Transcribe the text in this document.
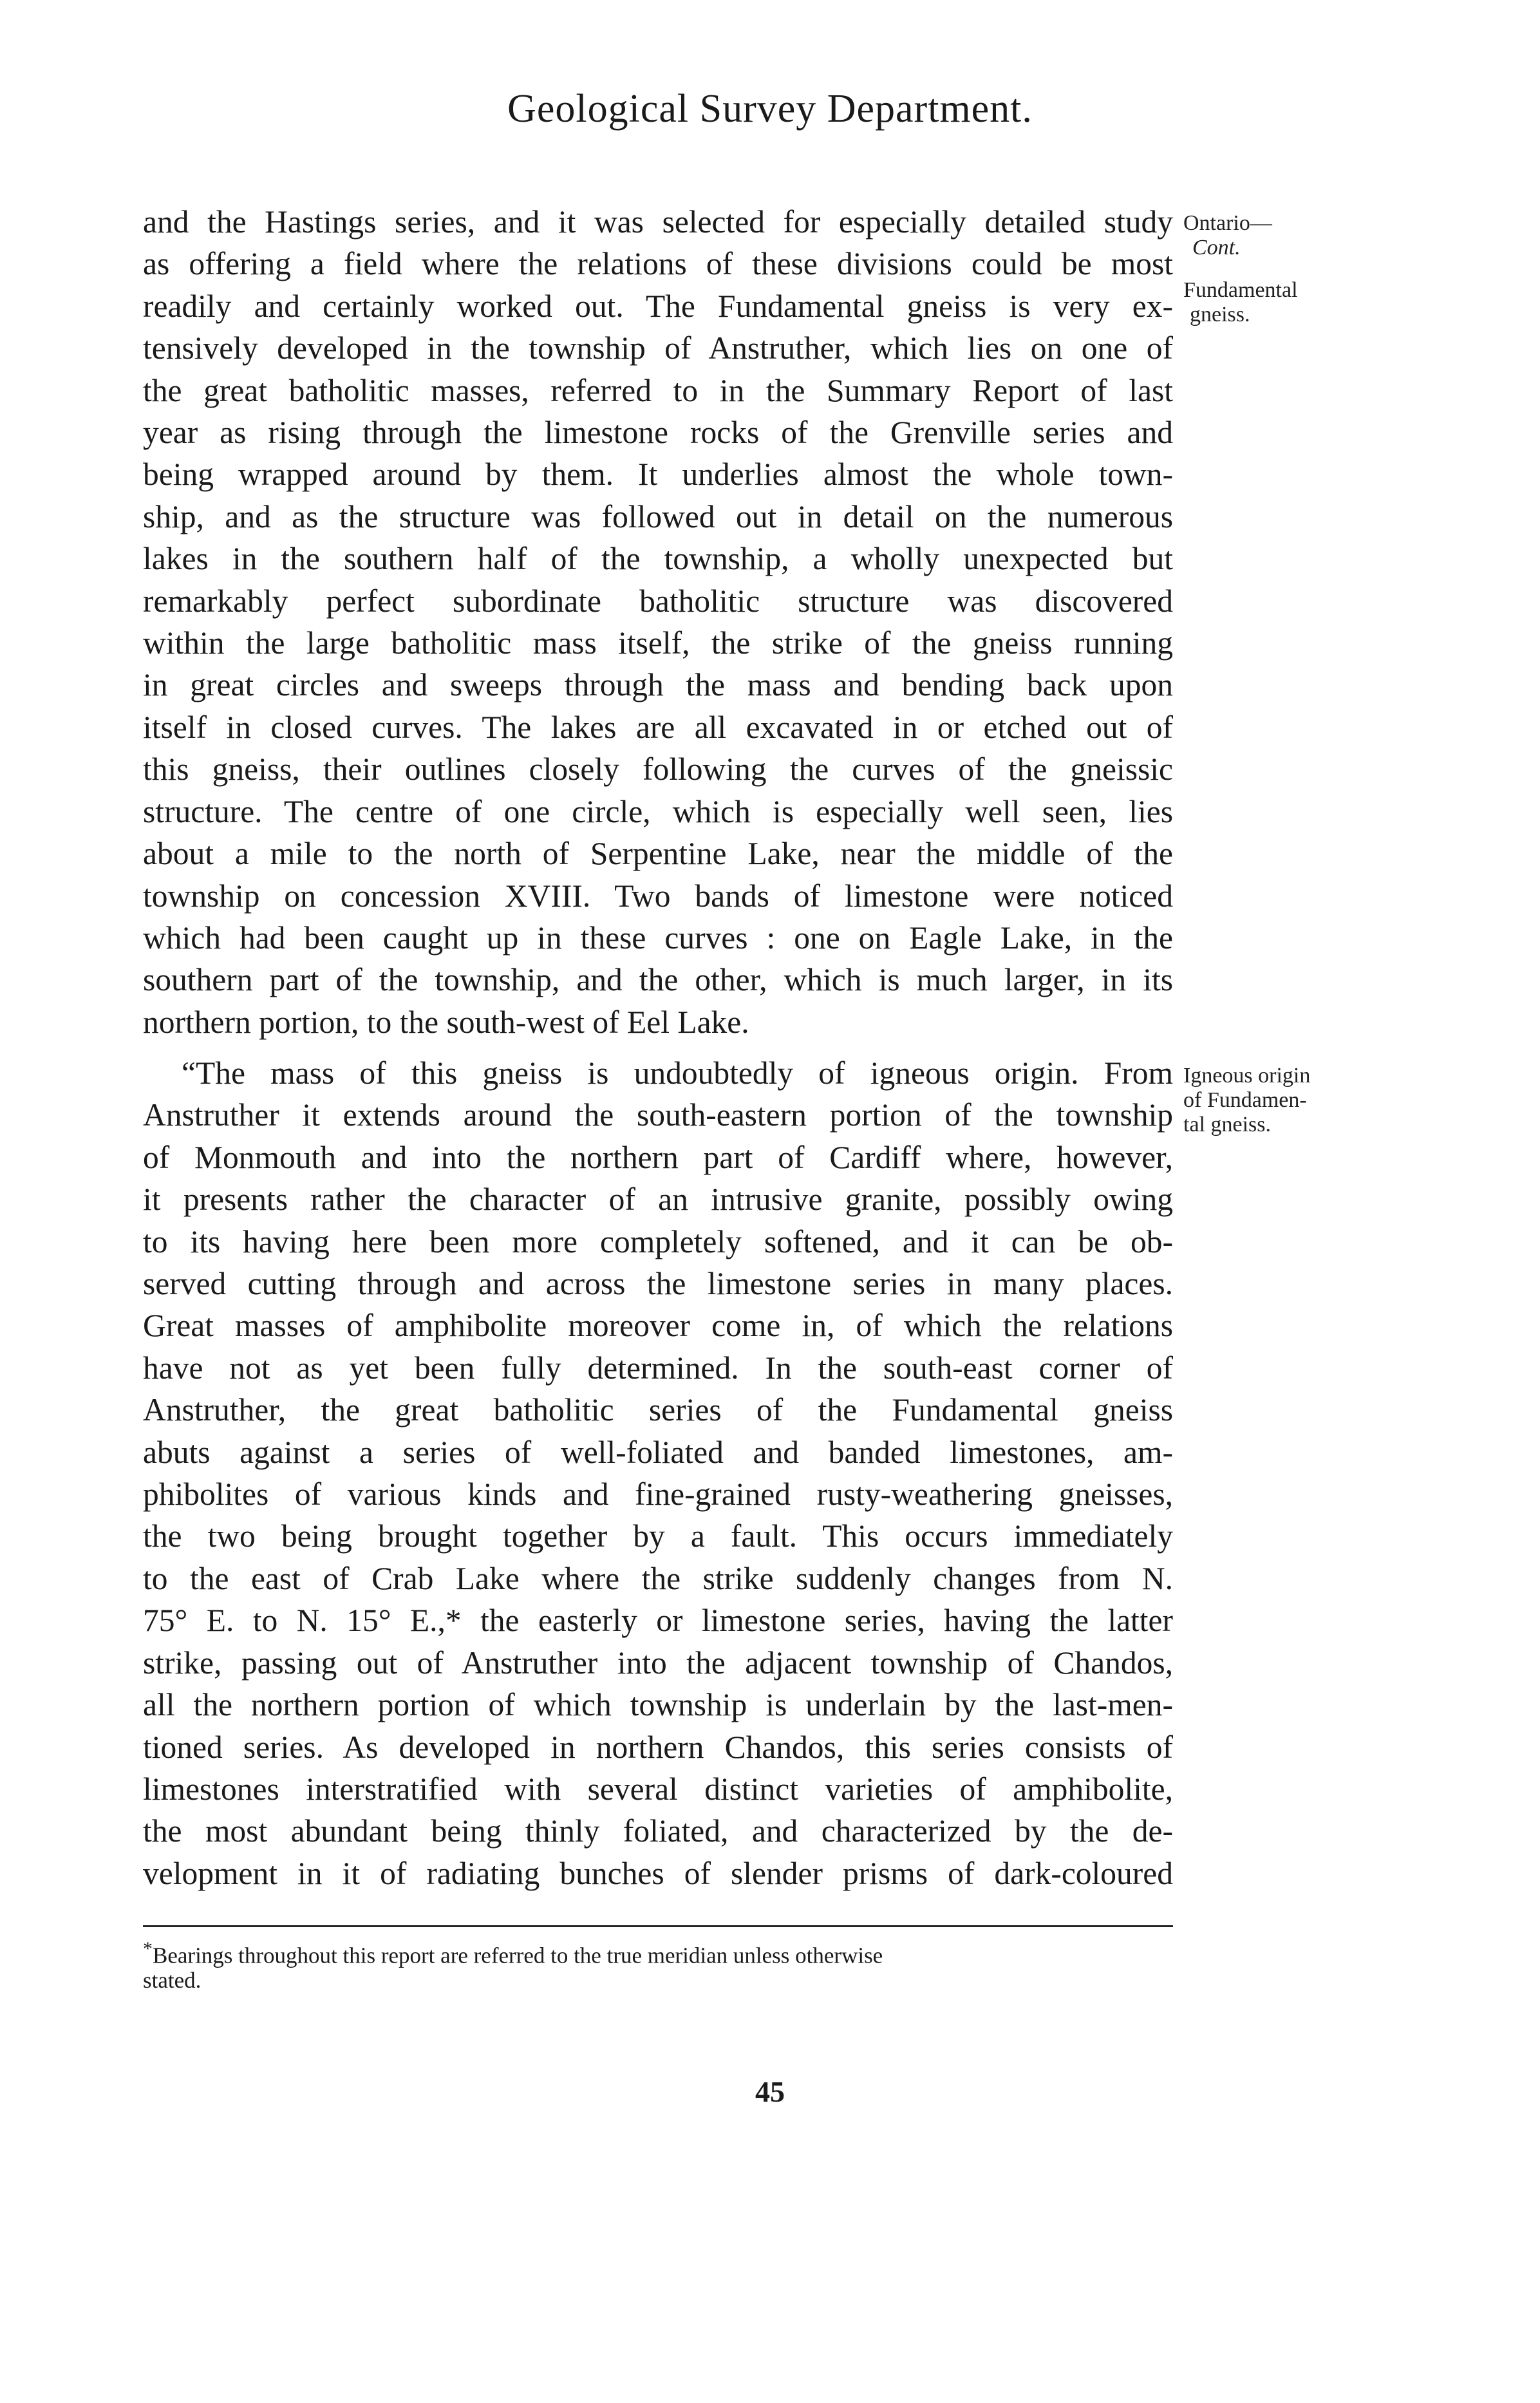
Geological Survey Department.
Ontario—
Cont.
Fundamental
gneiss.
Igneous origin
of Fundamen-
tal gneiss.
and the Hastings series, and it was selected for especially detailed study
as offering a field where the relations of these divisions could be most
readily and certainly worked out. The Fundamental gneiss is very ex-
tensively developed in the township of Anstruther, which lies on one of
the great batholitic masses, referred to in the Summary Report of last
year as rising through the limestone rocks of the Grenville series and
being wrapped around by them. It underlies almost the whole town-
ship, and as the structure was followed out in detail on the numerous
lakes in the southern half of the township, a wholly unexpected but
remarkably perfect subordinate batholitic structure was discovered
within the large batholitic mass itself, the strike of the gneiss running
in great circles and sweeps through the mass and bending back upon
itself in closed curves. The lakes are all excavated in or etched out of
this gneiss, their outlines closely following the curves of the gneissic
structure. The centre of one circle, which is especially well seen, lies
about a mile to the north of Serpentine Lake, near the middle of the
township on concession XVIII. Two bands of limestone were noticed
which had been caught up in these curves : one on Eagle Lake, in the
southern part of the township, and the other, which is much larger, in its
northern portion, to the south-west of Eel Lake.
“The mass of this gneiss is undoubtedly of igneous origin. From
Anstruther it extends around the south-eastern portion of the township
of Monmouth and into the northern part of Cardiff where, however,
it presents rather the character of an intrusive granite, possibly owing
to its having here been more completely softened, and it can be ob-
served cutting through and across the limestone series in many places.
Great masses of amphibolite moreover come in, of which the relations
have not as yet been fully determined. In the south-east corner of
Anstruther, the great batholitic series of the Fundamental gneiss
abuts against a series of well-foliated and banded limestones, am-
phibolites of various kinds and fine-grained rusty-weathering gneisses,
the two being brought together by a fault. This occurs immediately
to the east of Crab Lake where the strike suddenly changes from N.
75° E. to N. 15° E.,* the easterly or limestone series, having the latter
strike, passing out of Anstruther into the adjacent township of Chandos,
all the northern portion of which township is underlain by the last-men-
tioned series. As developed in northern Chandos, this series consists of
limestones interstratified with several distinct varieties of amphibolite,
the most abundant being thinly foliated, and characterized by the de-
velopment in it of radiating bunches of slender prisms of dark-coloured
*Bearings throughout this report are referred to the true meridian unless otherwise
stated.
45
